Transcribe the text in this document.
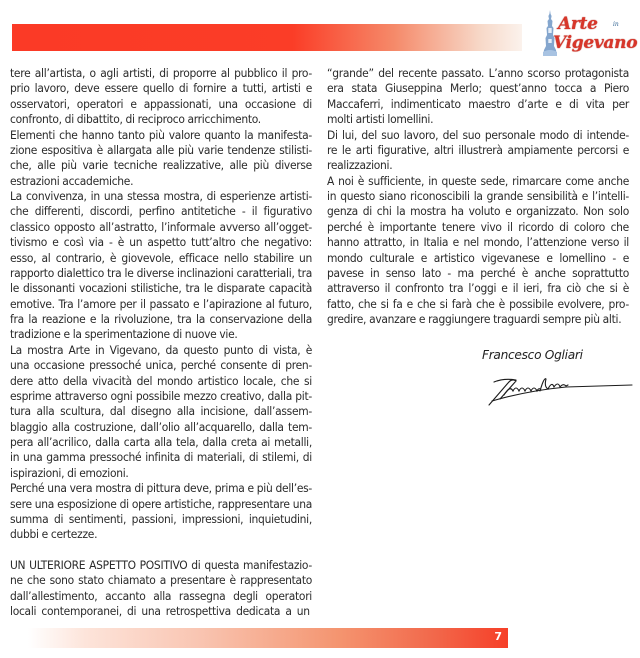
Arte	in
Vigevano
tere all’artista, o agli artisti, di proporre al pubblico il pro-
prio lavoro, deve essere quello di fornire a tutti, artisti e
osservatori, operatori e appassionati, una occasione di
confronto, di dibattito, di reciproco arricchimento.
Elementi che hanno tanto più valore quanto la manifesta-
zione espositiva è allargata alle più varie tendenze stilisti-
che, alle più varie tecniche realizzative, alle più diverse
estrazioni accademiche.
La convivenza, in una stessa mostra, di esperienze artisti-
che differenti, discordi, perfino antitetiche - il figurativo
classico opposto all’astratto, l’informale avverso all’ogget-
tivismo e così via - è un aspetto tutt’altro che negativo:
esso, al contrario, è giovevole, efficace nello stabilire un
rapporto dialettico tra le diverse inclinazioni caratteriali, tra
le dissonanti vocazioni stilistiche, tra le disparate capacità
emotive. Tra l’amore per il passato e l’apirazione al futuro,
fra la reazione e la rivoluzione, tra la conservazione della
tradizione e la sperimentazione di nuove vie.
La mostra Arte in Vigevano, da questo punto di vista, è
una occasione pressoché unica, perché consente di pren-
dere atto della vivacità del mondo artistico locale, che si
esprime attraverso ogni possibile mezzo creativo, dalla pit-
tura alla scultura, dal disegno alla incisione, dall’assem-
blaggio alla costruzione, dall’olio all’acquarello, dalla tem-
pera all’acrilico, dalla carta alla tela, dalla creta ai metalli,
in una gamma pressoché infinita di materiali, di stilemi, di
ispirazioni, di emozioni.
Perché una vera mostra di pittura deve, prima e più dell’es-
sere una esposizione di opere artistiche, rappresentare una
summa di sentimenti, passioni, impressioni, inquietudini,
dubbi e certezze.
UN ULTERIORE ASPETTO POSITIVO di questa manifestazio-
ne che sono stato chiamato a presentare è rappresentato
dall’allestimento, accanto alla rassegna degli operatori
locali contemporanei, di una retrospettiva dedicata a un
“grande” del recente passato. L’anno scorso protagonista
era stata Giuseppina Merlo; quest’anno tocca a Piero
Maccaferri, indimenticato maestro d’arte e di vita per
molti artisti lomellini.
Di lui, del suo lavoro, del suo personale modo di intende-
re le arti figurative, altri illustrerà ampiamente percorsi e
realizzazioni.
A noi è sufficiente, in queste sede, rimarcare come anche
in questo siano riconoscibili la grande sensibilità e l’intelli-
genza di chi la mostra ha voluto e organizzato. Non solo
perché è importante tenere vivo il ricordo di coloro che
hanno attratto, in Italia e nel mondo, l’attenzione verso il
mondo culturale e artistico vigevanese e lomellino - e
pavese in senso lato - ma perché è anche soprattutto
attraverso il confronto tra l’oggi e il ieri, fra ciò che si è
fatto, che si fa e che si farà che è possibile evolvere, pro-
gredire, avanzare e raggiungere traguardi sempre più alti.
Francesco Ogliari
7
